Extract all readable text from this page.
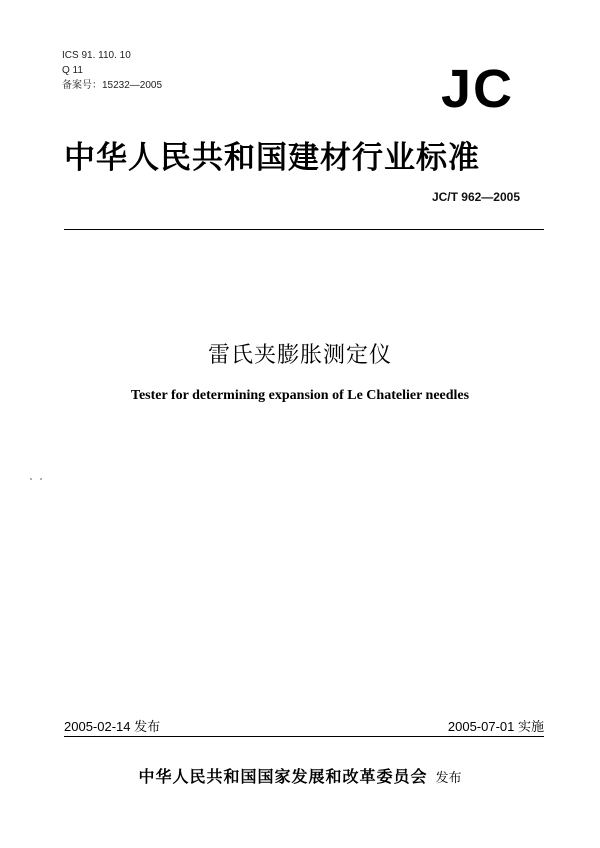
ICS 91. 110. 10
Q 11
备案号：15232—2005	JC
中华人民共和国建材行业标准
JC/T 962—2005
雷氏夹膨胀测定仪
Tester for determining expansion of Le Chatelier needles
2005-02-14 发布	2005-07-01 实施
中华人民共和国国家发展和改革委员会 发布
